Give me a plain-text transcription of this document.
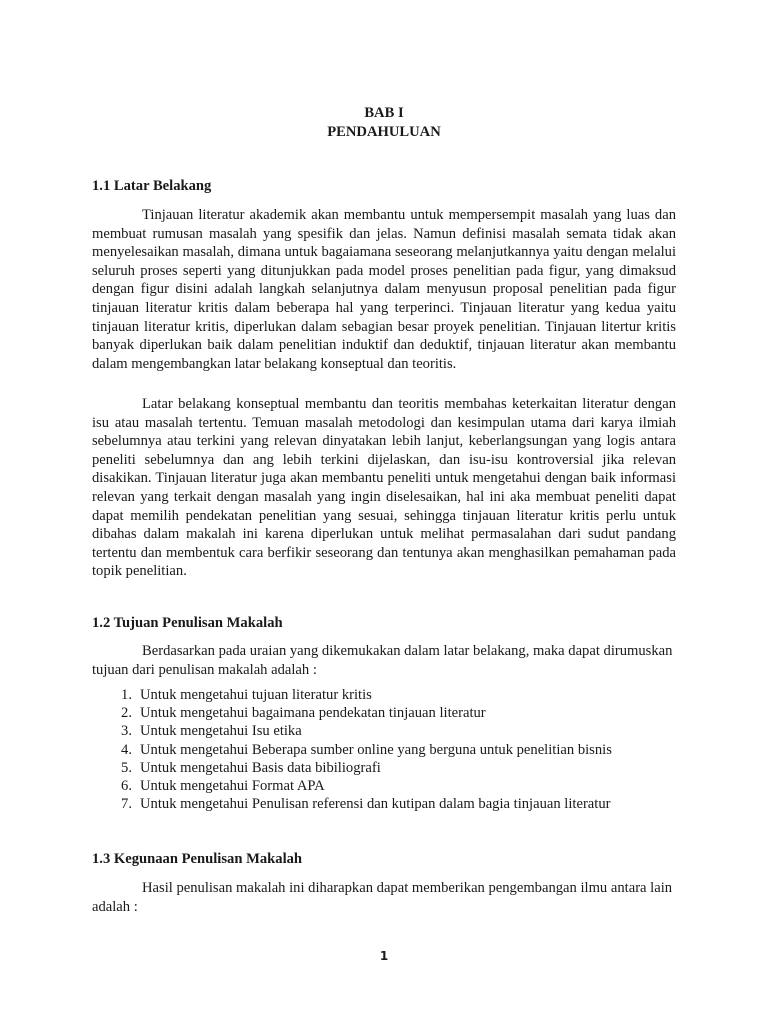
BAB I
PENDAHULUAN

1.1 Latar Belakang

Tinjauan literatur akademik akan membantu untuk mempersempit masalah yang luas dan membuat rumusan masalah yang spesifik dan jelas. Namun definisi masalah semata tidak akan menyelesaikan masalah, dimana untuk bagaiamana seseorang melanjutkannya yaitu dengan melalui seluruh proses seperti yang ditunjukkan pada model proses penelitian pada figur, yang dimaksud dengan figur disini adalah langkah selanjutnya dalam menyusun proposal penelitian pada figur tinjauan literatur kritis dalam beberapa hal yang terperinci. Tinjauan literatur yang kedua yaitu tinjauan literatur kritis, diperlukan dalam sebagian besar proyek penelitian. Tinjauan litertur kritis banyak diperlukan baik dalam penelitian induktif dan deduktif, tinjauan literatur akan membantu dalam mengembangkan latar belakang konseptual dan teoritis.

Latar belakang konseptual membantu dan teoritis membahas keterkaitan literatur dengan isu atau masalah tertentu. Temuan masalah metodologi dan kesimpulan utama dari karya ilmiah sebelumnya atau terkini yang relevan dinyatakan lebih lanjut, keberlangsungan yang logis antara peneliti sebelumnya dan ang lebih terkini dijelaskan, dan isu-isu kontroversial jika relevan disakikan. Tinjauan literatur juga akan membantu peneliti untuk mengetahui dengan baik informasi relevan yang terkait dengan masalah yang ingin diselesaikan, hal ini aka membuat peneliti dapat dapat memilih pendekatan penelitian yang sesuai, sehingga tinjauan literatur kritis perlu untuk dibahas dalam makalah ini karena diperlukan untuk melihat permasalahan dari sudut pandang tertentu dan membentuk cara berfikir seseorang dan tentunya akan menghasilkan pemahaman pada topik penelitian.

1.2 Tujuan Penulisan Makalah

Berdasarkan pada uraian yang dikemukakan dalam latar belakang, maka dapat dirumuskan tujuan dari penulisan makalah adalah :

1. Untuk mengetahui tujuan literatur kritis
2. Untuk mengetahui bagaimana pendekatan tinjauan literatur
3. Untuk mengetahui Isu etika
4. Untuk mengetahui Beberapa sumber online yang berguna untuk penelitian bisnis
5. Untuk mengetahui Basis data bibiliografi
6. Untuk mengetahui Format APA
7. Untuk mengetahui Penulisan referensi dan kutipan dalam bagia tinjauan literatur

1.3 Kegunaan Penulisan Makalah

Hasil penulisan makalah ini diharapkan dapat memberikan pengembangan ilmu antara lain adalah :

1
